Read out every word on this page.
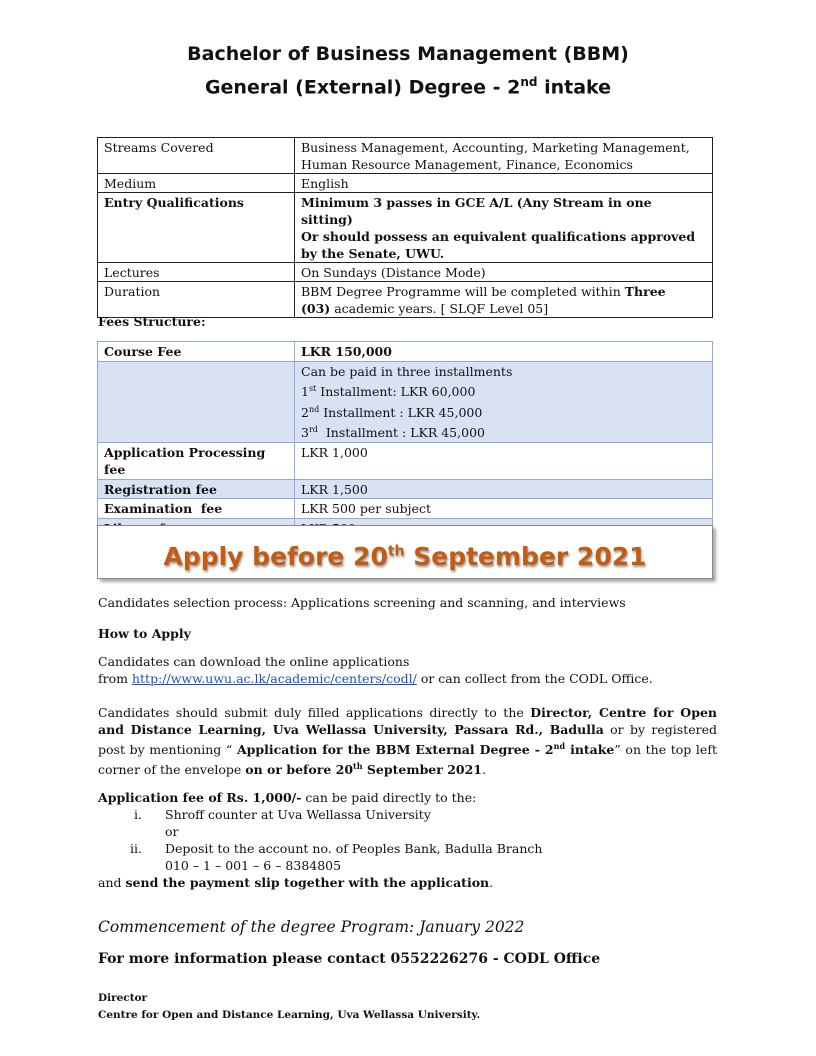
Bachelor of Business Management (BBM)
General (External) Degree - 2nd intake
Streams Covered	Business Management, Accounting, Marketing Management,
Human Resource Management, Finance, Economics
Medium	English
Entry Qualifications	Minimum 3 passes in GCE A/L (Any Stream in one sitting)
Or should possess an equivalent qualifications approved
by the Senate, UWU.
Lectures	On Sundays (Distance Mode)
Duration	BBM Degree Programme will be completed within Three
(03) academic years. [ SLQF Level 05]
Fees Structure:
Course Fee	LKR 150,000
	Can be paid in three installments
1st Installment: LKR 60,000
2nd Installment : LKR 45,000
3rd  Installment : LKR 45,000
Application Processing fee	LKR 1,000
Registration fee	LKR 1,500
Examination  fee	LKR 500 per subject

Apply before 20th September 2021
Candidates selection process: Applications screening and scanning, and interviews
How to Apply
Candidates can download the online applications
from http://www.uwu.ac.lk/academic/centers/codl/ or can collect from the CODL Office.
Candidates should submit duly filled applications directly to the Director, Centre for Open and Distance Learning, Uva Wellassa University, Passara Rd., Badulla or by registered post by mentioning “ Application for the BBM External Degree - 2nd intake” on the top left corner of the envelope on or before 20th September 2021.
Application fee of Rs. 1,000/- can be paid directly to the:
i. Shroff counter at Uva Wellassa University
or
ii. Deposit to the account no. of Peoples Bank, Badulla Branch
010 – 1 – 001 – 6 – 8384805
and send the payment slip together with the application.
Commencement of the degree Program: January 2022
For more information please contact 0552226276 - CODL Office
Director
Centre for Open and Distance Learning, Uva Wellassa University.
